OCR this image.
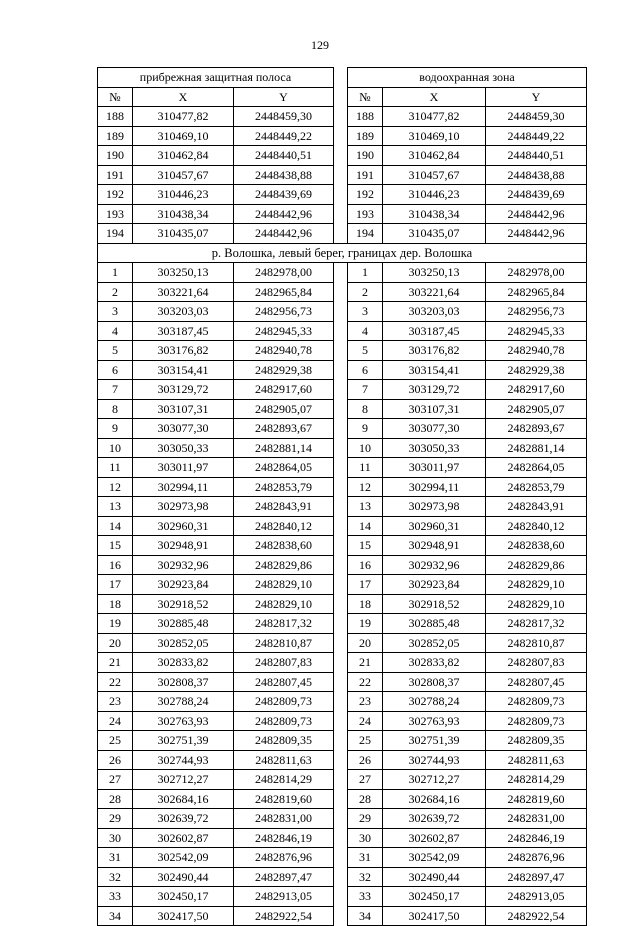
129
прибрежная защитная полоса				водоохранная зона		
№	X	Y		№	X	Y
188	310477,82	2448459,30		188	310477,82	2448459,30
189	310469,10	2448449,22		189	310469,10	2448449,22
190	310462,84	2448440,51		190	310462,84	2448440,51
191	310457,67	2448438,88		191	310457,67	2448438,88
192	310446,23	2448439,69		192	310446,23	2448439,69
193	310438,34	2448442,96		193	310438,34	2448442,96
194	310435,07	2448442,96		194	310435,07	2448442,96
р. Волошка, левый берег, границах дер. Волошка						
1	303250,13	2482978,00		1	303250,13	2482978,00
2	303221,64	2482965,84		2	303221,64	2482965,84
3	303203,03	2482956,73		3	303203,03	2482956,73
4	303187,45	2482945,33		4	303187,45	2482945,33
5	303176,82	2482940,78		5	303176,82	2482940,78
6	303154,41	2482929,38		6	303154,41	2482929,38
7	303129,72	2482917,60		7	303129,72	2482917,60
8	303107,31	2482905,07		8	303107,31	2482905,07
9	303077,30	2482893,67		9	303077,30	2482893,67
10	303050,33	2482881,14		10	303050,33	2482881,14
11	303011,97	2482864,05		11	303011,97	2482864,05
12	302994,11	2482853,79		12	302994,11	2482853,79
13	302973,98	2482843,91		13	302973,98	2482843,91
14	302960,31	2482840,12		14	302960,31	2482840,12
15	302948,91	2482838,60		15	302948,91	2482838,60
16	302932,96	2482829,86		16	302932,96	2482829,86
17	302923,84	2482829,10		17	302923,84	2482829,10
18	302918,52	2482829,10		18	302918,52	2482829,10
19	302885,48	2482817,32		19	302885,48	2482817,32
20	302852,05	2482810,87		20	302852,05	2482810,87
21	302833,82	2482807,83		21	302833,82	2482807,83
22	302808,37	2482807,45		22	302808,37	2482807,45
23	302788,24	2482809,73		23	302788,24	2482809,73
24	302763,93	2482809,73		24	302763,93	2482809,73
25	302751,39	2482809,35		25	302751,39	2482809,35
26	302744,93	2482811,63		26	302744,93	2482811,63
27	302712,27	2482814,29		27	302712,27	2482814,29
28	302684,16	2482819,60		28	302684,16	2482819,60
29	302639,72	2482831,00		29	302639,72	2482831,00
30	302602,87	2482846,19		30	302602,87	2482846,19
31	302542,09	2482876,96		31	302542,09	2482876,96
32	302490,44	2482897,47		32	302490,44	2482897,47
33	302450,17	2482913,05		33	302450,17	2482913,05
34	302417,50	2482922,54		34	302417,50	2482922,54
